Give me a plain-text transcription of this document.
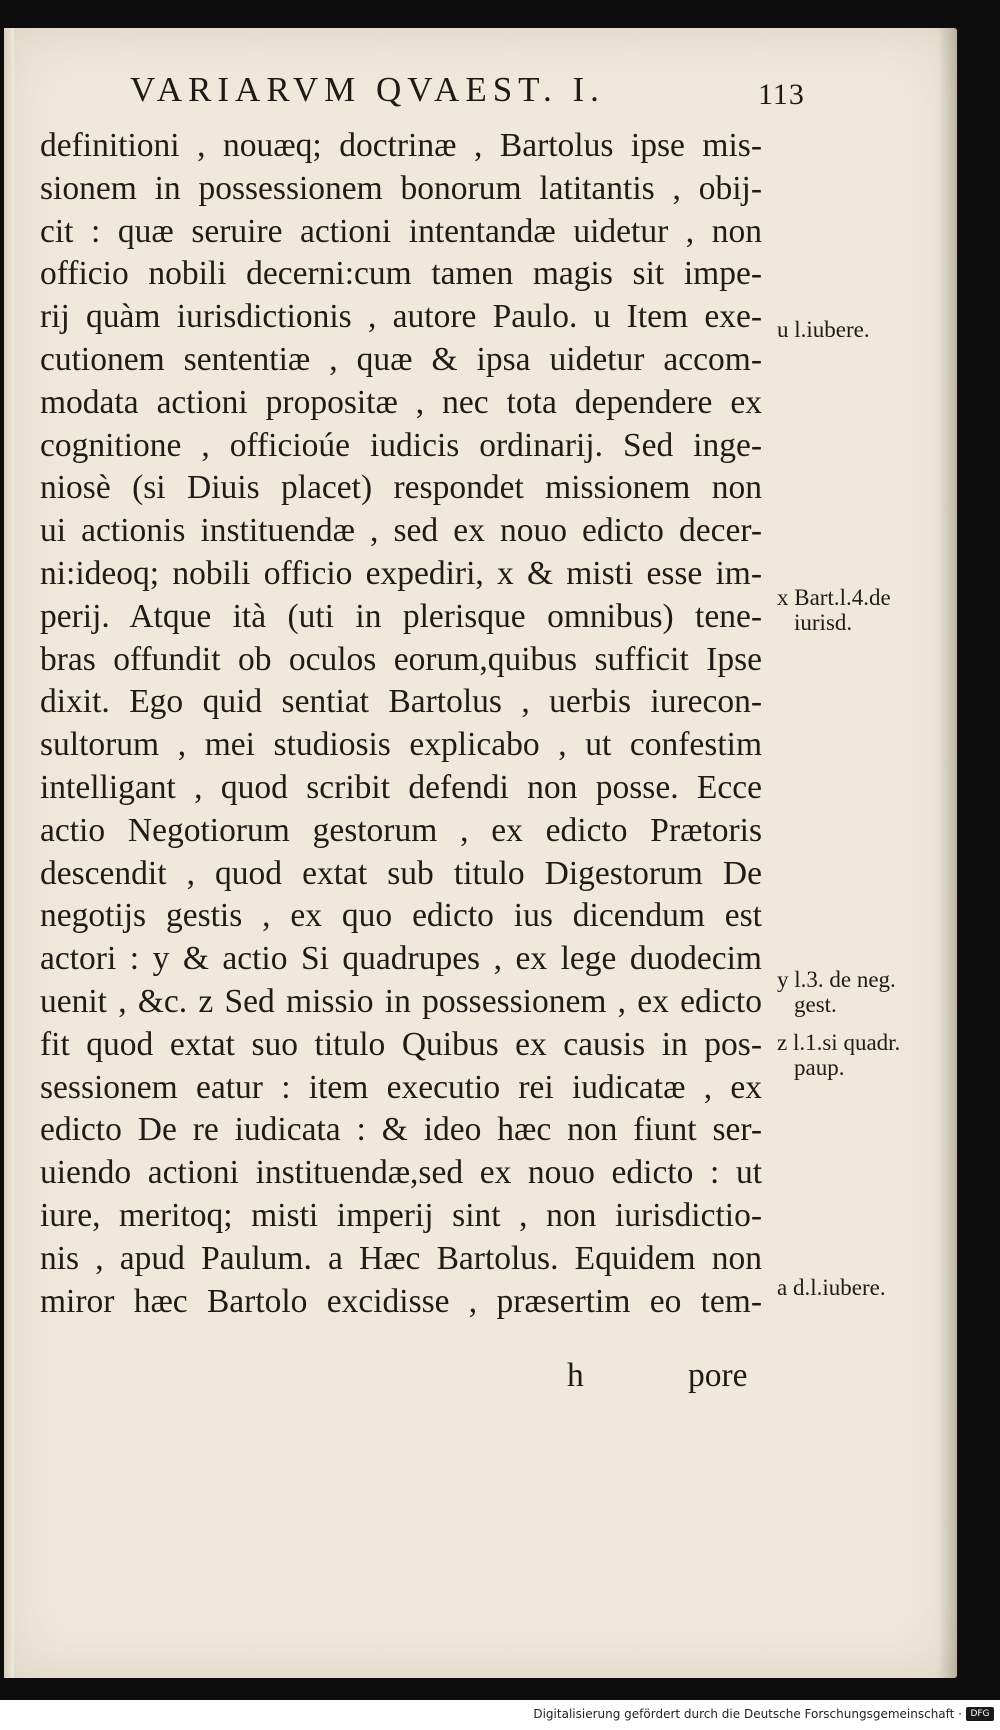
VARIARVM QVAEST. I.	113
definitioni , nouæq; doctrinæ , Bartolus ipse mis-
sionem in possessionem bonorum latitantis , obij-
cit : quæ seruire actioni intentandæ uidetur , non
officio nobili decerni:cum tamen magis sit impe-
rij quàm iurisdictionis , autore Paulo. u Item exe-
cutionem sententiæ , quæ & ipsa uidetur accom-
modata actioni propositæ , nec tota dependere ex
cognitione , officioúe iudicis ordinarij. Sed inge-
niosè (si Diuis placet) respondet missionem non
ui actionis instituendæ , sed ex nouo edicto decer-
ni:ideoq; nobili officio expediri, x & misti esse im-
perij. Atque ità (uti in plerisque omnibus) tene-
bras offundit ob oculos eorum,quibus sufficit Ipse
dixit. Ego quid sentiat Bartolus , uerbis iurecon-
sultorum , mei studiosis explicabo , ut confestim
intelligant , quod scribit defendi non posse. Ecce
actio Negotiorum gestorum , ex edicto Prætoris
descendit , quod extat sub titulo Digestorum De
negotijs gestis , ex quo edicto ius dicendum est
actori : y & actio Si quadrupes , ex lege duodecim
uenit , &c. z Sed missio in possessionem , ex edicto
fit quod extat suo titulo Quibus ex causis in pos-
sessionem eatur : item executio rei iudicatæ , ex
edicto De re iudicata : & ideo hæc non fiunt ser-
uiendo actioni instituendæ,sed ex nouo edicto : ut
iure, meritoq; misti imperij sint , non iurisdictio-
nis , apud Paulum. a Hæc Bartolus. Equidem non
miror hæc Bartolo excidisse , præsertim eo tem-
h	pore
u l.iubere.
x Bart.l.4.de
iurisd.
y l.3. de neg.
gest.
z l.1.si quadr.
paup.
a d.l.iubere.
Digitalisierung gefördert durch die Deutsche Forschungsgemeinschaft · DFG
